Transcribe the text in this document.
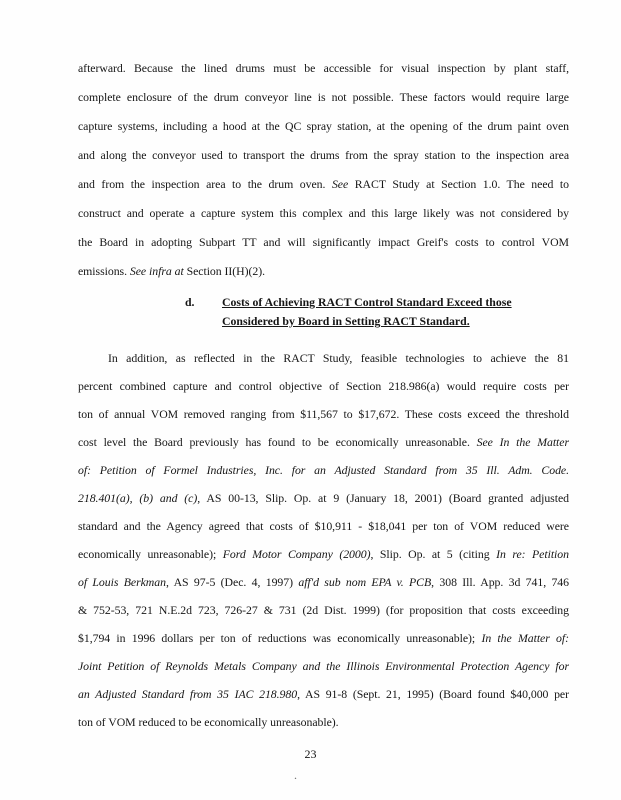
afterward. Because the lined drums must be accessible for visual inspection by plant staff,
complete enclosure of the drum conveyor line is not possible. These factors would require large
capture systems, including a hood at the QC spray station, at the opening of the drum paint oven
and along the conveyor used to transport the drums from the spray station to the inspection area
and from the inspection area to the drum oven. See RACT Study at Section 1.0. The need to
construct and operate a capture system this complex and this large likely was not considered by
the Board in adopting Subpart TT and will significantly impact Greif's costs to control VOM
emissions. See infra at Section II(H)(2).
d.	Costs of Achieving RACT Control Standard Exceed those
Considered by Board in Setting RACT Standard.
In addition, as reflected in the RACT Study, feasible technologies to achieve the 81
percent combined capture and control objective of Section 218.986(a) would require costs per
ton of annual VOM removed ranging from $11,567 to $17,672. These costs exceed the threshold
cost level the Board previously has found to be economically unreasonable. See In the Matter
of: Petition of Formel Industries, Inc. for an Adjusted Standard from 35 Ill. Adm. Code.
218.401(a), (b) and (c), AS 00-13, Slip. Op. at 9 (January 18, 2001) (Board granted adjusted
standard and the Agency agreed that costs of $10,911 - $18,041 per ton of VOM reduced were
economically unreasonable); Ford Motor Company (2000), Slip. Op. at 5 (citing In re: Petition
of Louis Berkman, AS 97-5 (Dec. 4, 1997) aff'd sub nom EPA v. PCB, 308 Ill. App. 3d 741, 746
& 752-53, 721 N.E.2d 723, 726-27 & 731 (2d Dist. 1999) (for proposition that costs exceeding
$1,794 in 1996 dollars per ton of reductions was economically unreasonable); In the Matter of:
Joint Petition of Reynolds Metals Company and the Illinois Environmental Protection Agency for
an Adjusted Standard from 35 IAC 218.980, AS 91-8 (Sept. 21, 1995) (Board found $40,000 per
ton of VOM reduced to be economically unreasonable).
23
.
